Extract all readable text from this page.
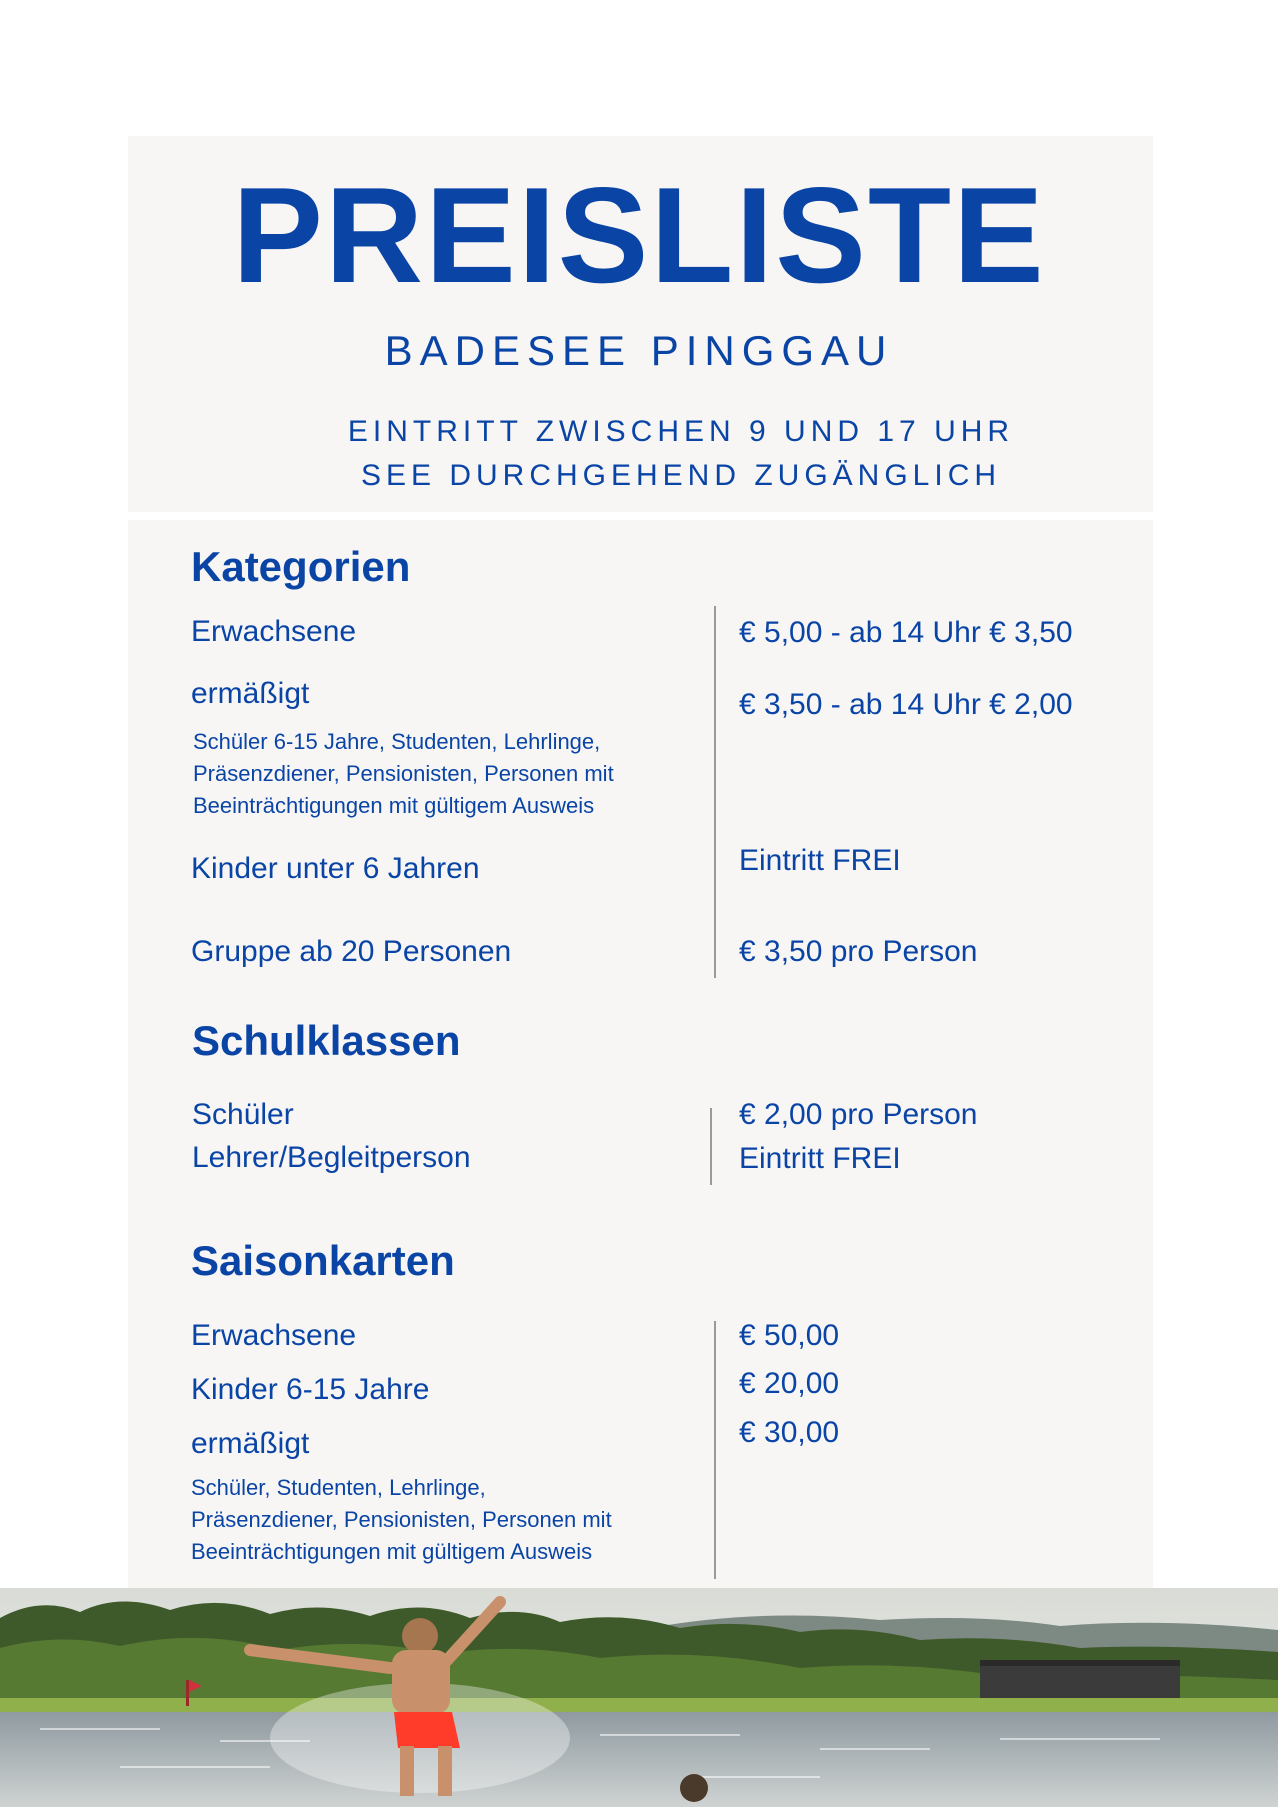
PREISLISTE
BADESEE PINGGAU
EINTRITT ZWISCHEN 9 UND 17 UHR
SEE DURCHGEHEND ZUGÄNGLICH
Kategorien
Erwachsene	€ 5,00 - ab 14 Uhr € 3,50
ermäßigt	€ 3,50 - ab 14 Uhr € 2,00
Schüler 6-15 Jahre, Studenten, Lehrlinge,
Präsenzdiener, Pensionisten, Personen mit
Beeinträchtigungen mit gültigem Ausweis
Kinder unter 6 Jahren	Eintritt FREI
Gruppe ab 20 Personen	€ 3,50 pro Person
Schulklassen
Schüler	€ 2,00 pro Person
Lehrer/Begleitperson	Eintritt FREI
Saisonkarten
Erwachsene	€ 50,00
Kinder 6-15 Jahre	€ 20,00
ermäßigt	€ 30,00
Schüler, Studenten, Lehrlinge,
Präsenzdiener, Pensionisten, Personen mit
Beeinträchtigungen mit gültigem Ausweis
